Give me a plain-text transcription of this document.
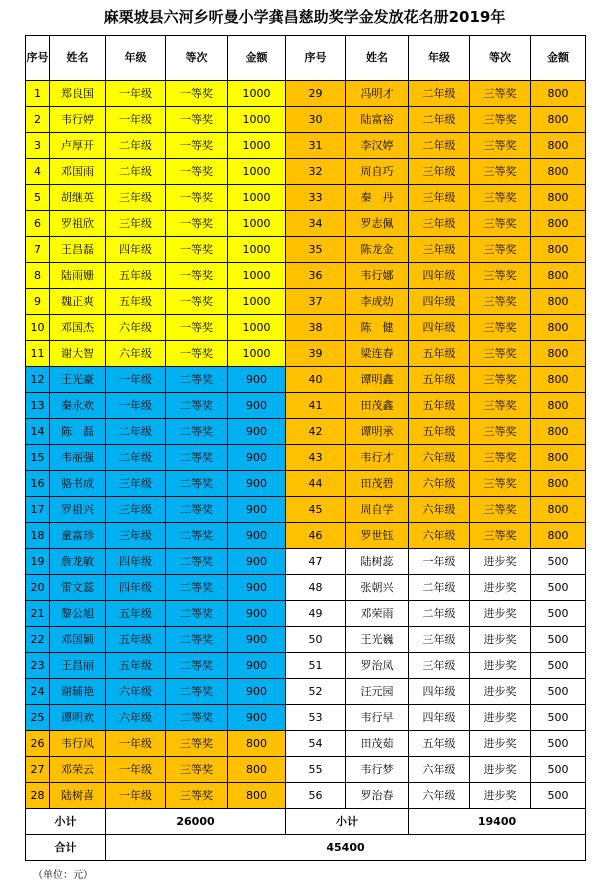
麻栗坡县六河乡听曼小学龚昌慈助奖学金发放花名册2019年
序号	姓名	年级	等次	金额	序号	姓名	年级	等次	金额
1	郑良国	一年级	一等奖	1000	29	冯明才	二年级	三等奖	800
2	韦行婷	一年级	一等奖	1000	30	陆富裕	二年级	三等奖	800
3	卢厚开	二年级	一等奖	1000	31	李汉婷	二年级	三等奖	800
4	邓国雨	二年级	一等奖	1000	32	周自巧	三年级	三等奖	800
5	胡继英	三年级	一等奖	1000	33	秦　丹	三年级	三等奖	800
6	罗祖欣	三年级	一等奖	1000	34	罗志佩	三年级	三等奖	800
7	王昌磊	四年级	一等奖	1000	35	陈龙金	三年级	三等奖	800
8	陆雨姗	五年级	一等奖	1000	36	韦行娜	四年级	三等奖	800
9	魏正爽	五年级	一等奖	1000	37	李成幼	四年级	三等奖	800
10	邓国杰	六年级	一等奖	1000	38	陈　健	四年级	三等奖	800
11	谢大智	六年级	一等奖	1000	39	梁连春	五年级	三等奖	800
12	王光豪	一年级	二等奖	900	40	谭明鑫	五年级	三等奖	800
13	秦永欢	一年级	二等奖	900	41	田茂鑫	五年级	三等奖	800
14	陈　磊	二年级	二等奖	900	42	谭明承	五年级	三等奖	800
15	韦丽强	二年级	二等奖	900	43	韦行才	六年级	三等奖	800
16	骆书成	三年级	二等奖	900	44	田茂碧	六年级	三等奖	800
17	罗祖兴	三年级	二等奖	900	45	周自学	六年级	三等奖	800
18	童富珍	三年级	二等奖	900	46	罗世钰	六年级	三等奖	800
19	詹龙敏	四年级	二等奖	900	47	陆树蕊	一年级	进步奖	500
20	雷文蕊	四年级	二等奖	900	48	张朝兴	二年级	进步奖	500
21	黎公旭	五年级	二等奖	900	49	邓荣雨	二年级	进步奖	500
22	邓国颖	五年级	二等奖	900	50	王光巍	三年级	进步奖	500
23	王昌丽	五年级	二等奖	900	51	罗治凤	三年级	进步奖	500
24	谢辅艳	六年级	二等奖	900	52	汪元园	四年级	进步奖	500
25	谭明欢	六年级	二等奖	900	53	韦行早	四年级	进步奖	500
26	韦行凤	一年级	三等奖	800	54	田茂茹	五年级	进步奖	500
27	邓荣云	一年级	三等奖	800	55	韦行梦	六年级	进步奖	500
28	陆树喜	一年级	三等奖	800	56	罗治春	六年级	进步奖	500
小计		26000			小计		19400		
合计		45400							
（单位：元）
